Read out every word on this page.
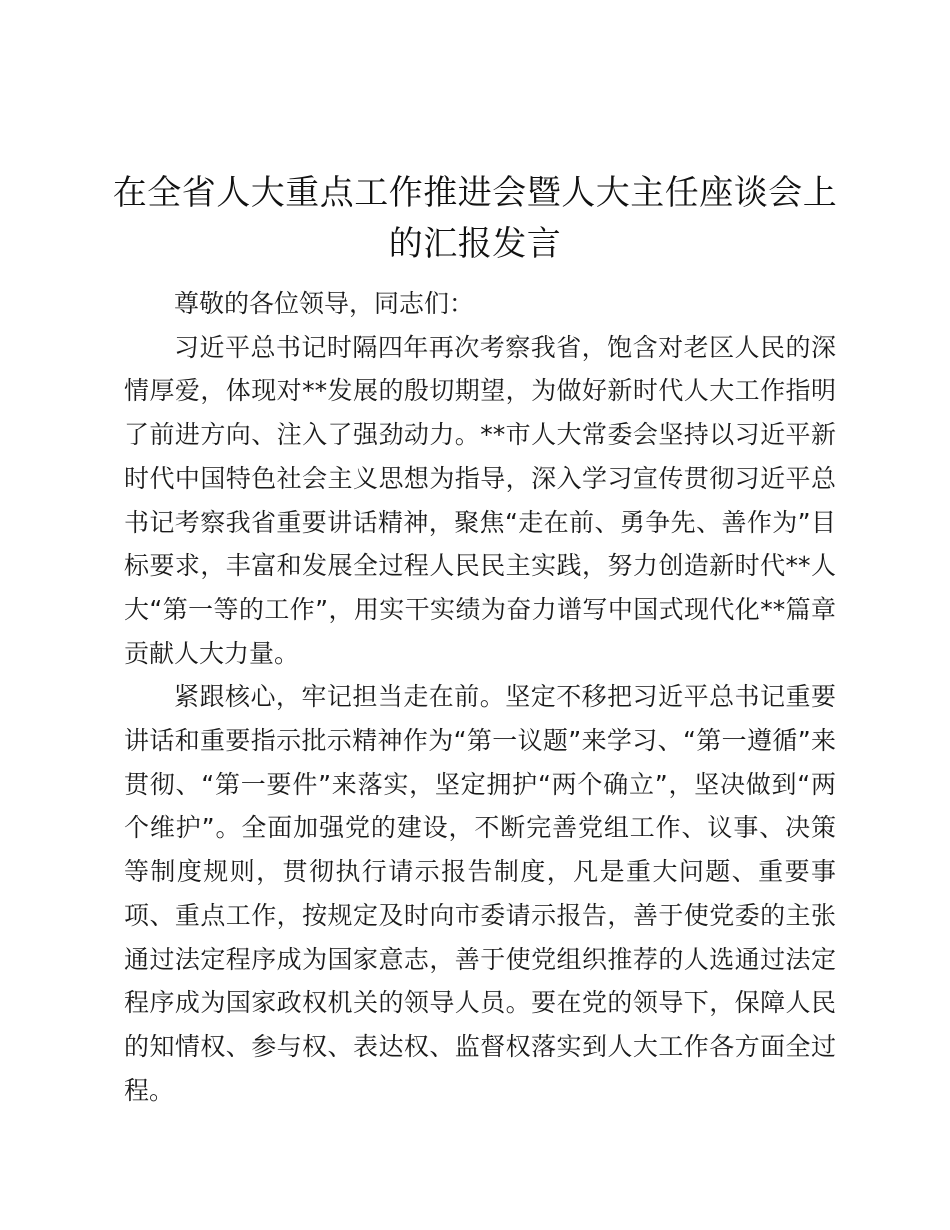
在全省人大重点工作推进会暨人大主任座谈会上的汇报发言

尊敬的各位领导，同志们：

习近平总书记时隔四年再次考察我省，饱含对老区人民的深情厚爱，体现对**发展的殷切期望，为做好新时代人大工作指明了前进方向、注入了强劲动力。**市人大常委会坚持以习近平新时代中国特色社会主义思想为指导，深入学习宣传贯彻习近平总书记考察我省重要讲话精神，聚焦“走在前、勇争先、善作为”目标要求，丰富和发展全过程人民民主实践，努力创造新时代**人大“第一等的工作”，用实干实绩为奋力谱写中国式现代化**篇章贡献人大力量。

紧跟核心，牢记担当走在前。坚定不移把习近平总书记重要讲话和重要指示批示精神作为“第一议题”来学习、“第一遵循”来贯彻、“第一要件”来落实，坚定拥护“两个确立”，坚决做到“两个维护”。全面加强党的建设，不断完善党组工作、议事、决策等制度规则，贯彻执行请示报告制度，凡是重大问题、重要事项、重点工作，按规定及时向市委请示报告，善于使党委的主张通过法定程序成为国家意志，善于使党组织推荐的人选通过法定程序成为国家政权机关的领导人员。要在党的领导下，保障人民的知情权、参与权、表达权、监督权落实到人大工作各方面全过程。
